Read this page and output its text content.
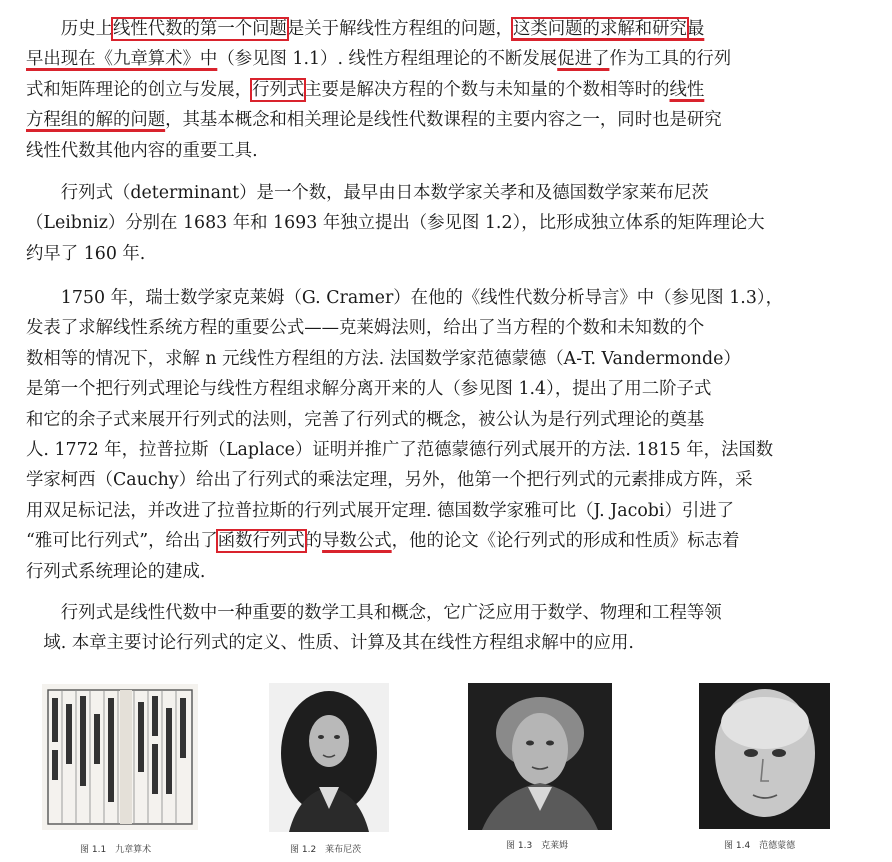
　　历史上线性代数的第一个问题是关于解线性方程组的问题，这类问题的求解和研究最
早出现在《九章算术》中（参见图 1.1）. 线性方程组理论的不断发展促进了作为工具的行列
式和矩阵理论的创立与发展，行列式主要是解决方程的个数与未知量的个数相等时的线性
方程组的解的问题，其基本概念和相关理论是线性代数课程的主要内容之一，同时也是研究
线性代数其他内容的重要工具.
　　行列式（determinant）是一个数，最早由日本数学家关孝和及德国数学家莱布尼茨
（Leibniz）分别在 1683 年和 1693 年独立提出（参见图 1.2），比形成独立体系的矩阵理论大
约早了 160 年.
　　1750 年，瑞士数学家克莱姆（G. Cramer）在他的《线性代数分析导言》中（参见图 1.3），
发表了求解线性系统方程的重要公式——克莱姆法则，给出了当方程的个数和未知数的个
数相等的情况下，求解 n 元线性方程组的方法. 法国数学家范德蒙德（A-T. Vandermonde）
是第一个把行列式理论与线性方程组求解分离开来的人（参见图 1.4），提出了用二阶子式
和它的余子式来展开行列式的法则，完善了行列式的概念，被公认为是行列式理论的奠基
人. 1772 年，拉普拉斯（Laplace）证明并推广了范德蒙德行列式展开的方法. 1815 年，法国数
学家柯西（Cauchy）给出了行列式的乘法定理，另外，他第一个把行列式的元素排成方阵，采
用双足标记法，并改进了拉普拉斯的行列式展开定理. 德国数学家雅可比（J. Jacobi）引进了
“雅可比行列式”，给出了函数行列式的导数公式，他的论文《论行列式的形成和性质》标志着
行列式系统理论的建成.
　　行列式是线性代数中一种重要的数学工具和概念，它广泛应用于数学、物理和工程等领
　域. 本章主要讨论行列式的定义、性质、计算及其在线性方程组求解中的应用.
图 1.1　九章算术	图 1.2　莱布尼茨	图 1.3　克莱姆	图 1.4　范德蒙德
